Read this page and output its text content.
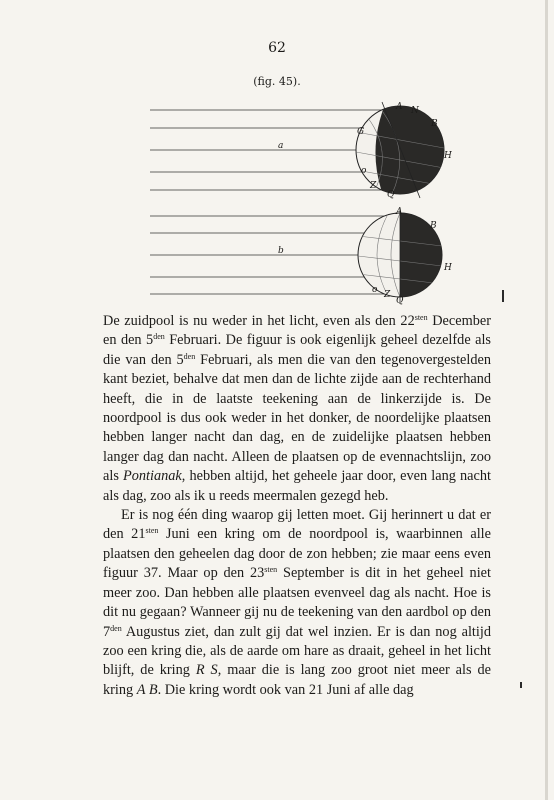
62
(fig. 45).
a
A N
B
G
H
o
Z
Q
b
A
B
H
o Z
Q

De zuidpool is nu weder in het licht, even als den $22^{sten}$ December en den $5^{den}$ Februari. De figuur is ook eigenlijk geheel dezelfde als die van den $5^{den}$ Februari, als men die van den tegenovergestelden kant beziet, behalve dat men dan de lichte zijde aan de rechterhand heeft, die in de laatste teekening aan de linkerzijde is. De noordpool is dus ook weder in het donker, de noordelijke plaatsen hebben langer nacht dan dag, en de zuidelijke plaatsen hebben langer dag dan nacht. Alleen de plaatsen op de evennachtslijn, zoo als Pontianak, hebben altijd, het geheele jaar door, even lang nacht als dag, zoo als ik u reeds meermalen gezegd heb.

Er is nog één ding waarop gij letten moet. Gij herinnert u dat er den $21^{sten}$ Juni een kring om de noordpool is, waarbinnen alle plaatsen den geheelen dag door de zon hebben; zie maar eens even figuur 37. Maar op den $23^{sten}$ September is dit in het geheel niet meer zoo. Dan hebben alle plaatsen evenveel dag als nacht. Hoe is dit nu gegaan? Wanneer gij nu de teekening van den aardbol op den $7^{den}$ Augustus ziet, dan zult gij dat wel inzien. Er is dan nog altijd zoo een kring die, als de aarde om hare as draait, geheel in het licht blijft, de kring R S, maar die is lang zoo groot niet meer als de kring A B. Die kring wordt ook van 21 Juni af alle dag
